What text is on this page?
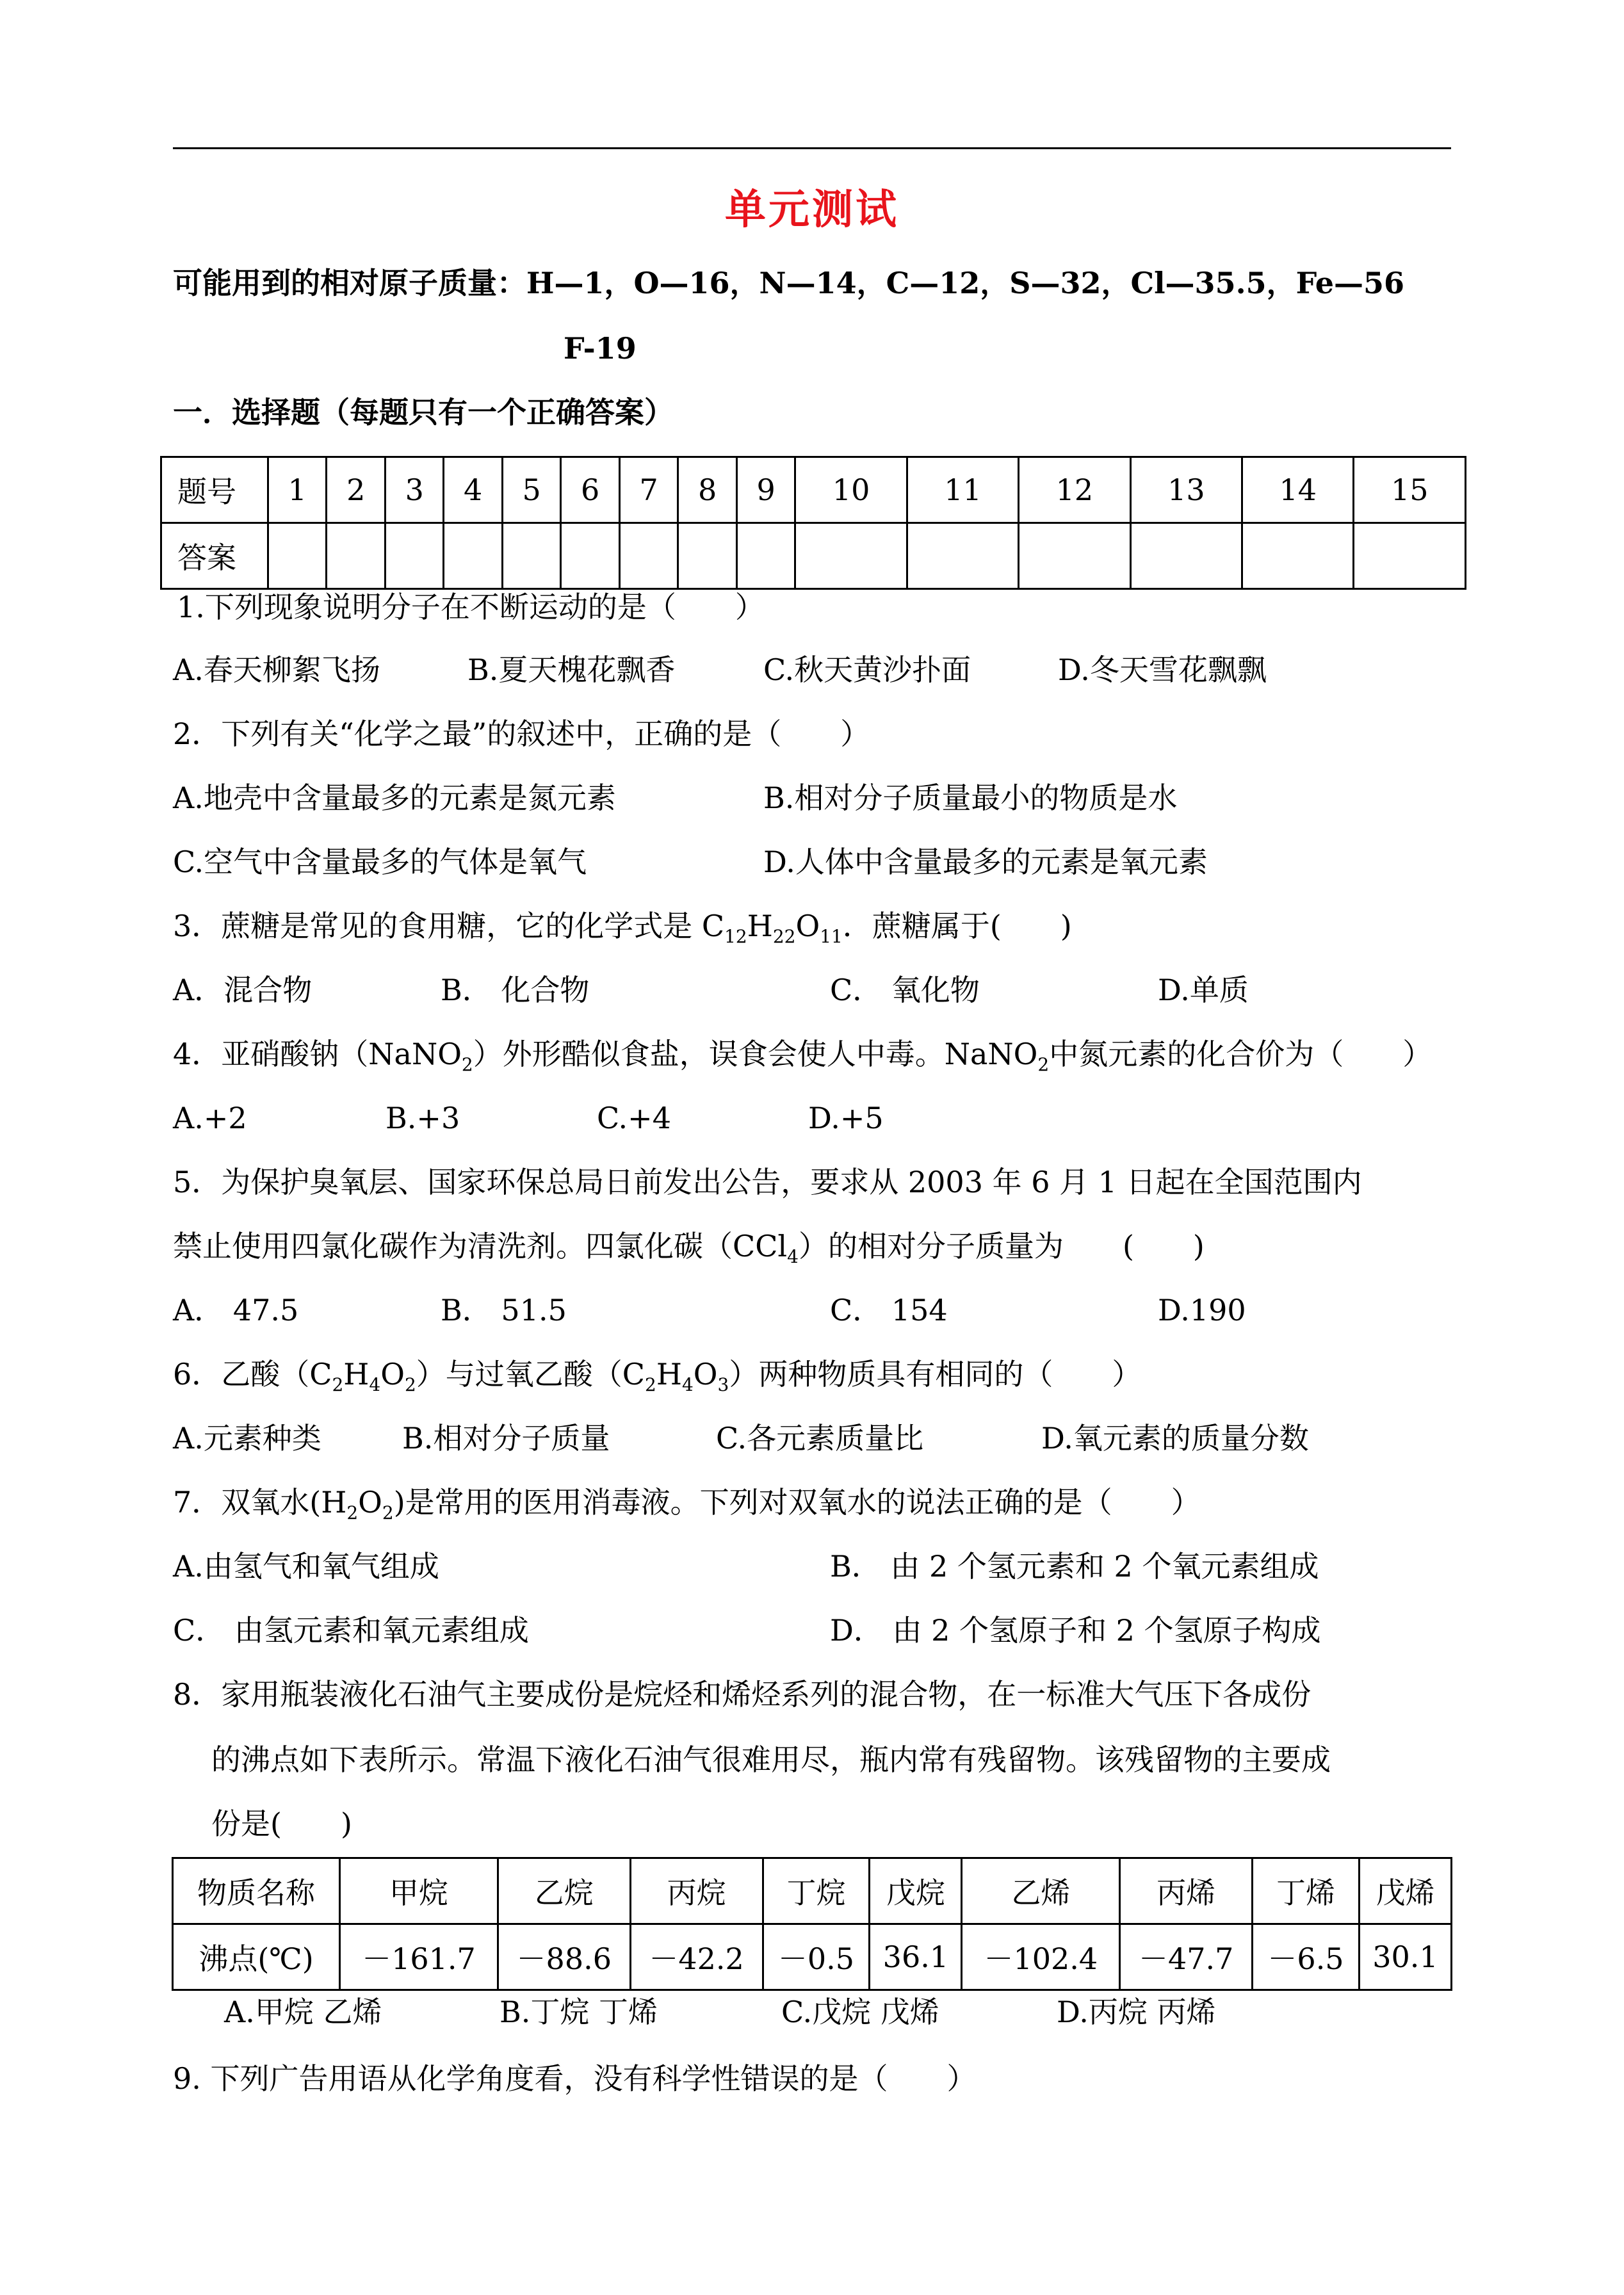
单元测试
可能用到的相对原子质量：H—1，O—16，N—14，C—12，S—32，Cl—35.5，Fe—56
F-19
一．选择题（每题只有一个正确答案）
题号	1	2	3	4	5	6	7	8	9	10	11	12	13	14	15
答案															
1.下列现象说明分子在不断运动的是（　　）
A.春天柳絮飞扬	B.夏天槐花飘香	C.秋天黄沙扑面	D.冬天雪花飘飘
2．下列有关“化学之最”的叙述中，正确的是（　　）
A.地壳中含量最多的元素是氮元素	B.相对分子质量最小的物质是水
C.空气中含量最多的气体是氧气	D.人体中含量最多的元素是氧元素
3．蔗糖是常见的食用糖，它的化学式是 $C_{12}H_{22}O_{11}$．蔗糖属于(　　)
A．混合物	B． 化合物	C． 氧化物	D.单质
4．亚硝酸钠（NaNO$_2$）外形酷似食盐，误食会使人中毒。NaNO$_2$中氮元素的化合价为（　　）
A.+2	B.+3	C.+4	D.+5
5．为保护臭氧层、国家环保总局日前发出公告，要求从 2003 年 6 月 1 日起在全国范围内
禁止使用四氯化碳作为清洗剂。四氯化碳（CCl$_4$）的相对分子质量为　　(　　)
A． 47.5	B． 51.5	C． 154	D.190
6．乙酸$(C_2H_4O_2)$与过氧乙酸$(C_2H_4O_3)$两种物质具有相同的（　　）
A.元素种类	B.相对分子质量	C.各元素质量比	D.氧元素的质量分数
7．双氧水$(H_2O_2)$是常用的医用消毒液。下列对双氧水的说法正确的是（　　）
A.由氢气和氧气组成	B． 由 2 个氢元素和 2 个氧元素组成
C． 由氢元素和氧元素组成	D． 由 2 个氢原子和 2 个氢原子构成
8．家用瓶装液化石油气主要成份是烷烃和烯烃系列的混合物，在一标准大气压下各成份
的沸点如下表所示。常温下液化石油气很难用尽，瓶内常有残留物。该残留物的主要成
份是(　　)
物质名称	甲烷	乙烷	丙烷	丁烷	戊烷	乙烯	丙烯	丁烯	戊烯
沸点(℃)	－161.7	－88.6	－42.2	－0.5	36.1	－102.4	－47.7	－6.5	30.1
A.甲烷 乙烯	B.丁烷 丁烯	C.戊烷 戊烯	D.丙烷 丙烯
9. 下列广告用语从化学角度看，没有科学性错误的是（　　）
